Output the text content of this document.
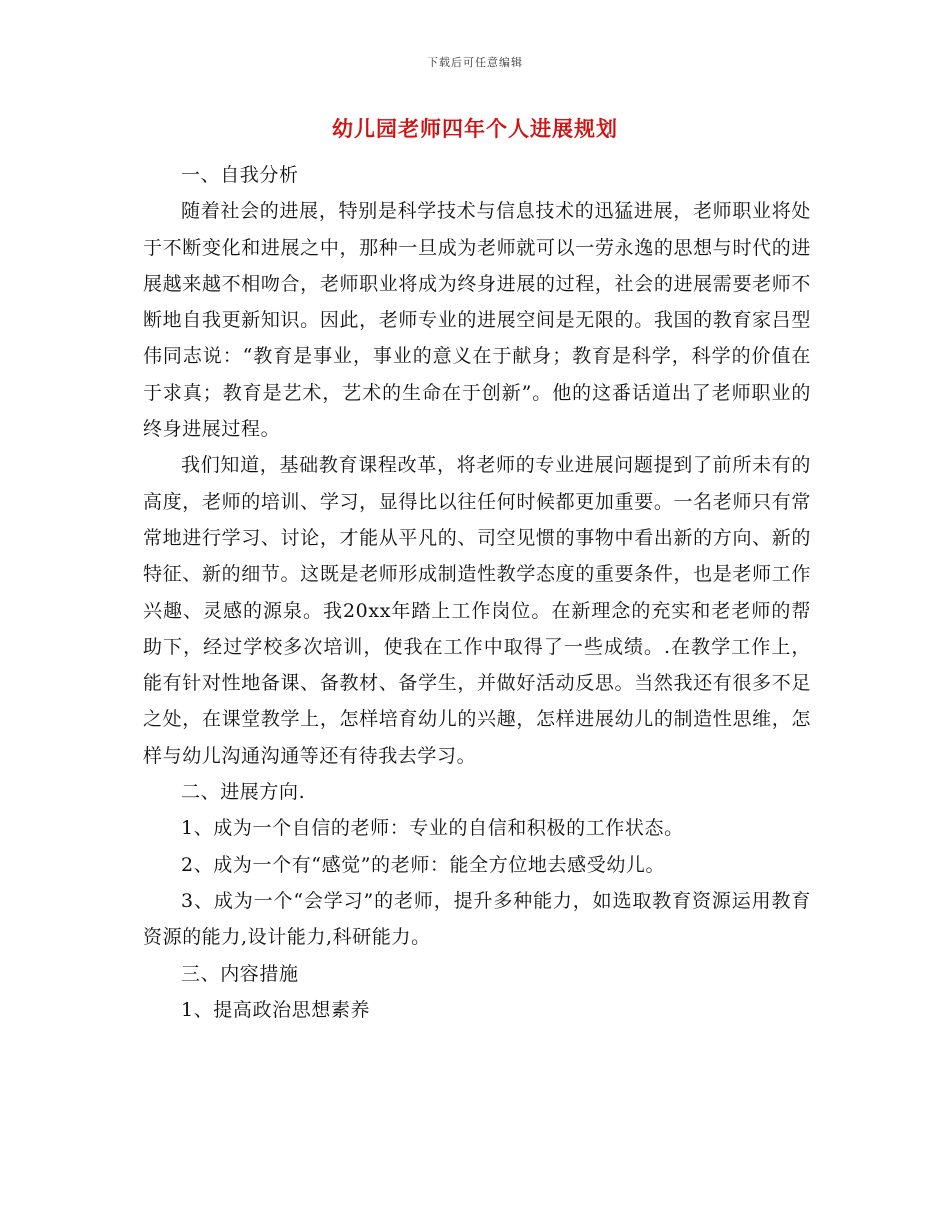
下载后可任意编辑
幼儿园老师四年个人进展规划

一、自我分析

随着社会的进展，特别是科学技术与信息技术的迅猛进展，老师职业将处于不断变化和进展之中，那种一旦成为老师就可以一劳永逸的思想与时代的进展越来越不相吻合，老师职业将成为终身进展的过程，社会的进展需要老师不断地自我更新知识。因此，老师专业的进展空间是无限的。我国的教育家吕型伟同志说：“教育是事业，事业的意义在于献身；教育是科学，科学的价值在于求真；教育是艺术，艺术的生命在于创新”。他的这番话道出了老师职业的终身进展过程。

我们知道，基础教育课程改革，将老师的专业进展问题提到了前所未有的高度，老师的培训、学习，显得比以往任何时候都更加重要。一名老师只有常常地进行学习、讨论，才能从平凡的、司空见惯的事物中看出新的方向、新的特征、新的细节。这既是老师形成制造性教学态度的重要条件，也是老师工作兴趣、灵感的源泉。我20xx年踏上工作岗位。在新理念的充实和老老师的帮助下，经过学校多次培训，使我在工作中取得了一些成绩。.在教学工作上，能有针对性地备课、备教材、备学生，并做好活动反思。当然我还有很多不足之处，在课堂教学上，怎样培育幼儿的兴趣，怎样进展幼儿的制造性思维，怎样与幼儿沟通沟通等还有待我去学习。

二、进展方向.

1、成为一个自信的老师：专业的自信和积极的工作状态。

2、成为一个有“感觉”的老师：能全方位地去感受幼儿。

3、成为一个“会学习”的老师，提升多种能力，如选取教育资源运用教育资源的能力,设计能力,科研能力。

三、内容措施

1、提高政治思想素养
